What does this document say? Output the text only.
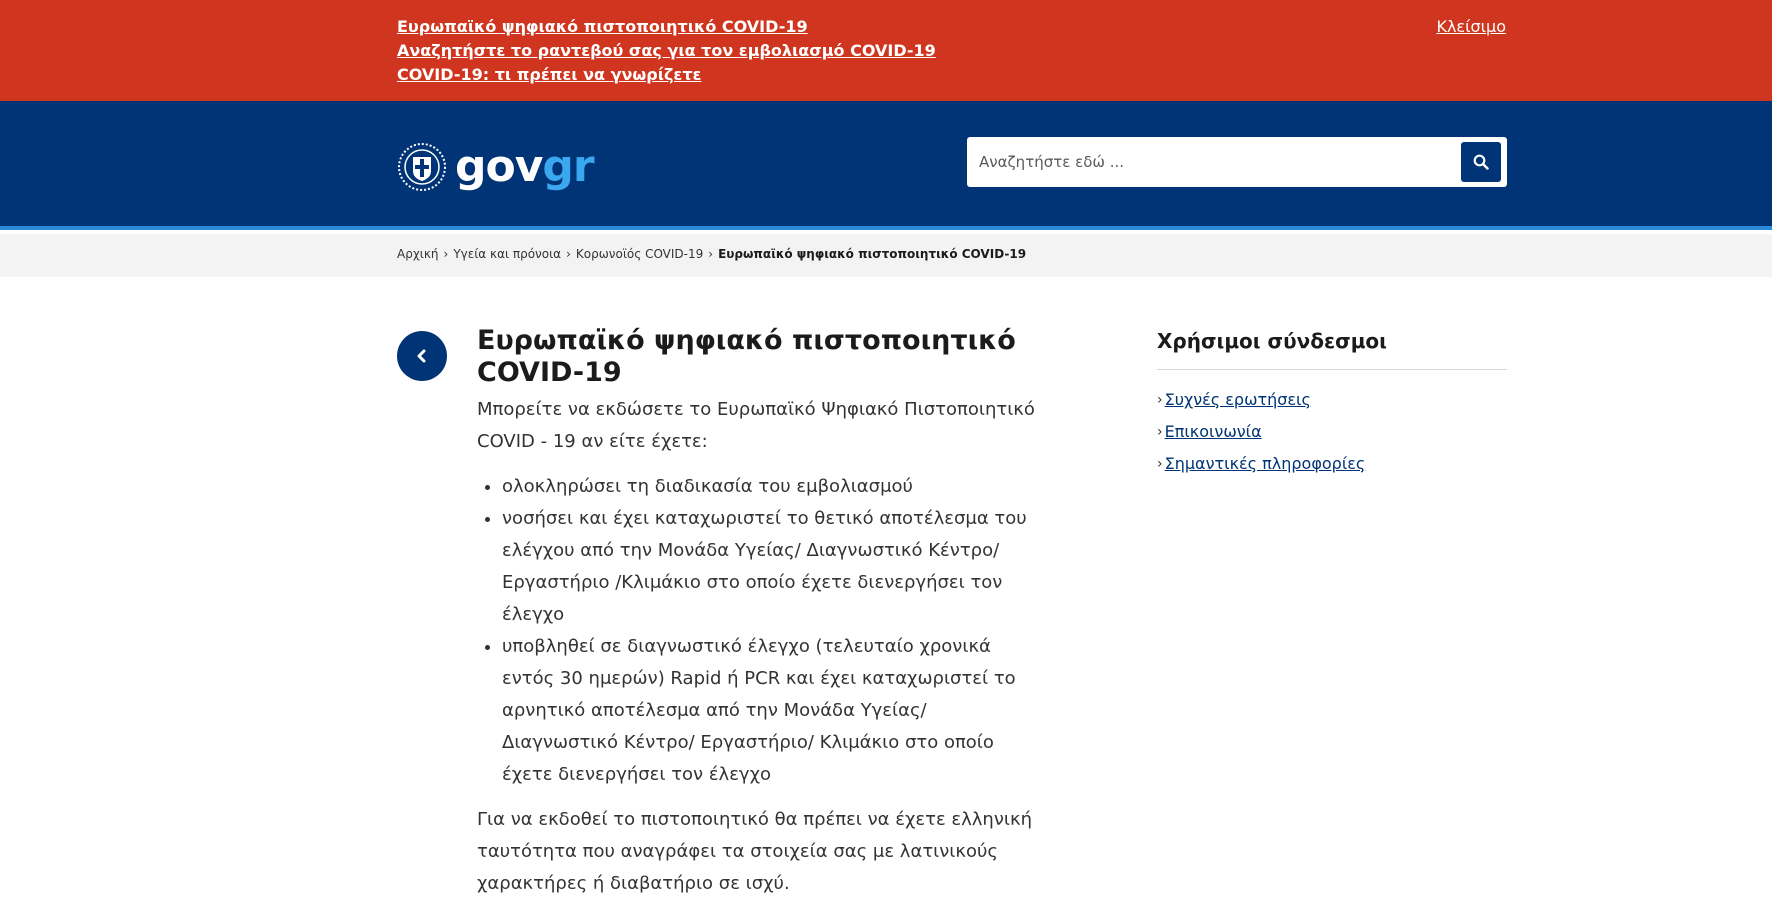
Ευρωπαϊκό ψηφιακό πιστοποιητικό COVID-19
Αναζητήστε το ραντεβού σας για τον εμβολιασμό COVID-19
COVID-19: τι πρέπει να γνωρίζετε
Κλείσιμο
govgr
Αναζητήστε εδώ ...
Αρχική › Υγεία και πρόνοια › Κορωνοϊός COVID-19 › Ευρωπαϊκό ψηφιακό πιστοποιητικό COVID-19
Ευρωπαϊκό ψηφιακό πιστοποιητικό COVID-19

Μπορείτε να εκδώσετε το Ευρωπαϊκό Ψηφιακό Πιστοποιητικό COVID - 19 αν είτε έχετε:

• ολοκληρώσει τη διαδικασία του εμβολιασμού
• νοσήσει και έχει καταχωριστεί το θετικό αποτέλεσμα του ελέγχου από την Μονάδα Υγείας/ Διαγνωστικό Κέντρο/ Εργαστήριο /Κλιμάκιο στο οποίο έχετε διενεργήσει τον έλεγχο
• υποβληθεί σε διαγνωστικό έλεγχο (τελευταίο χρονικά εντός 30 ημερών) Rapid ή PCR και έχει καταχωριστεί το αρνητικό αποτέλεσμα από την Μονάδα Υγείας/ Διαγνωστικό Κέντρο/ Εργαστήριο/ Κλιμάκιο στο οποίο έχετε διενεργήσει τον έλεγχο

Για να εκδοθεί το πιστοποιητικό θα πρέπει να έχετε ελληνική ταυτότητα που αναγράφει τα στοιχεία σας με λατινικούς χαρακτήρες ή διαβατήριο σε ισχύ.

Χρήσιμοι σύνδεσμοι
› Συχνές ερωτήσεις
› Επικοινωνία
› Σημαντικές πληροφορίες
